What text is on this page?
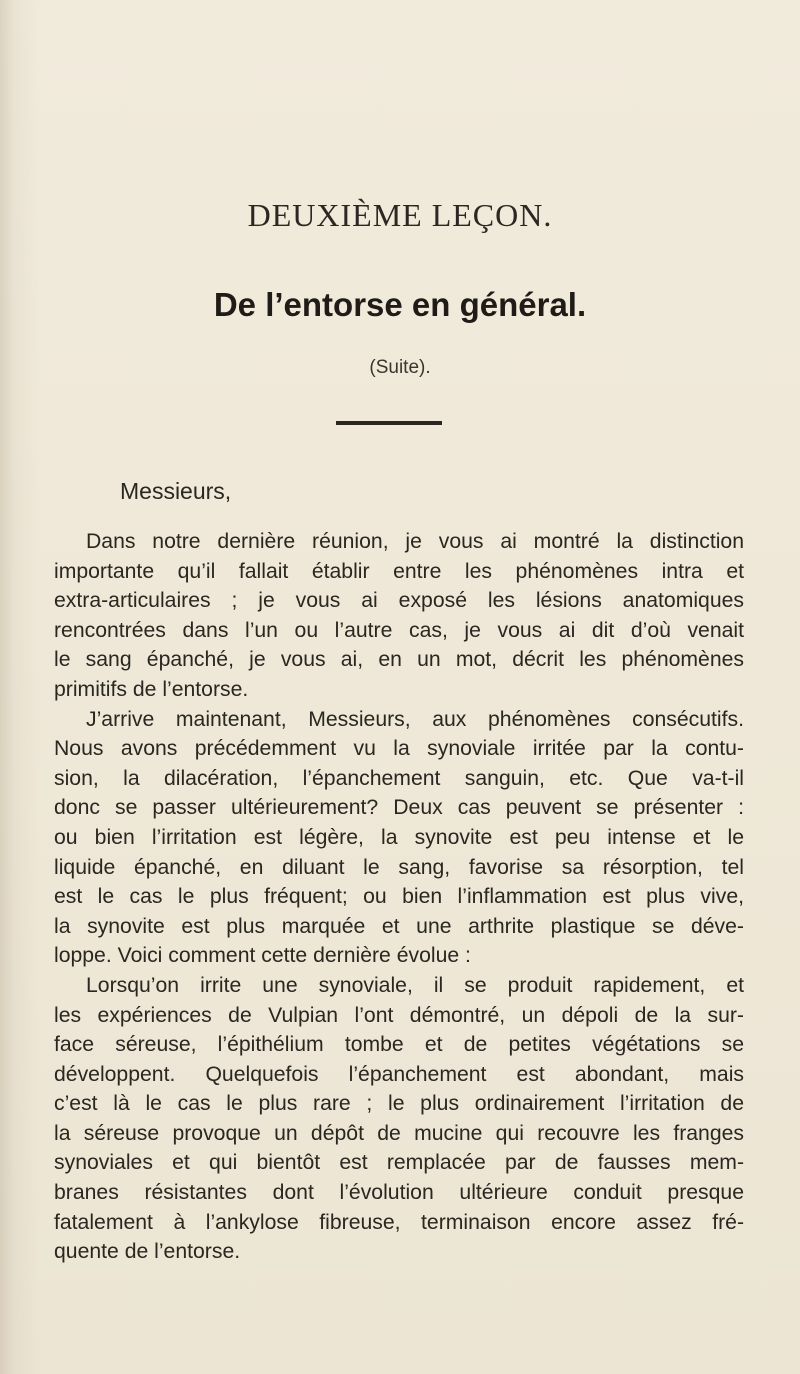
DEUXIÈME LEÇON.
De l’entorse en général.
(Suite).
Messieurs,
Dans notre dernière réunion, je vous ai montré la distinction
importante qu’il fallait établir entre les phénomènes intra et
extra-articulaires ; je vous ai exposé les lésions anatomiques
rencontrées dans l’un ou l’autre cas, je vous ai dit d’où venait
le sang épanché, je vous ai, en un mot, décrit les phénomènes
primitifs de l’entorse.
J’arrive maintenant, Messieurs, aux phénomènes consécutifs.
Nous avons précédemment vu la synoviale irritée par la contu-
sion, la dilacération, l’épanchement sanguin, etc. Que va-t-il
donc se passer ultérieurement? Deux cas peuvent se présenter :
ou bien l’irritation est légère, la synovite est peu intense et le
liquide épanché, en diluant le sang, favorise sa résorption, tel
est le cas le plus fréquent; ou bien l’inflammation est plus vive,
la synovite est plus marquée et une arthrite plastique se déve-
loppe. Voici comment cette dernière évolue :
Lorsqu’on irrite une synoviale, il se produit rapidement, et
les expériences de Vulpian l’ont démontré, un dépoli de la sur-
face séreuse, l’épithélium tombe et de petites végétations se
développent. Quelquefois l’épanchement est abondant, mais
c’est là le cas le plus rare ; le plus ordinairement l’irritation de
la séreuse provoque un dépôt de mucine qui recouvre les franges
synoviales et qui bientôt est remplacée par de fausses mem-
branes résistantes dont l’évolution ultérieure conduit presque
fatalement à l’ankylose fibreuse, terminaison encore assez fré-
quente de l’entorse.
